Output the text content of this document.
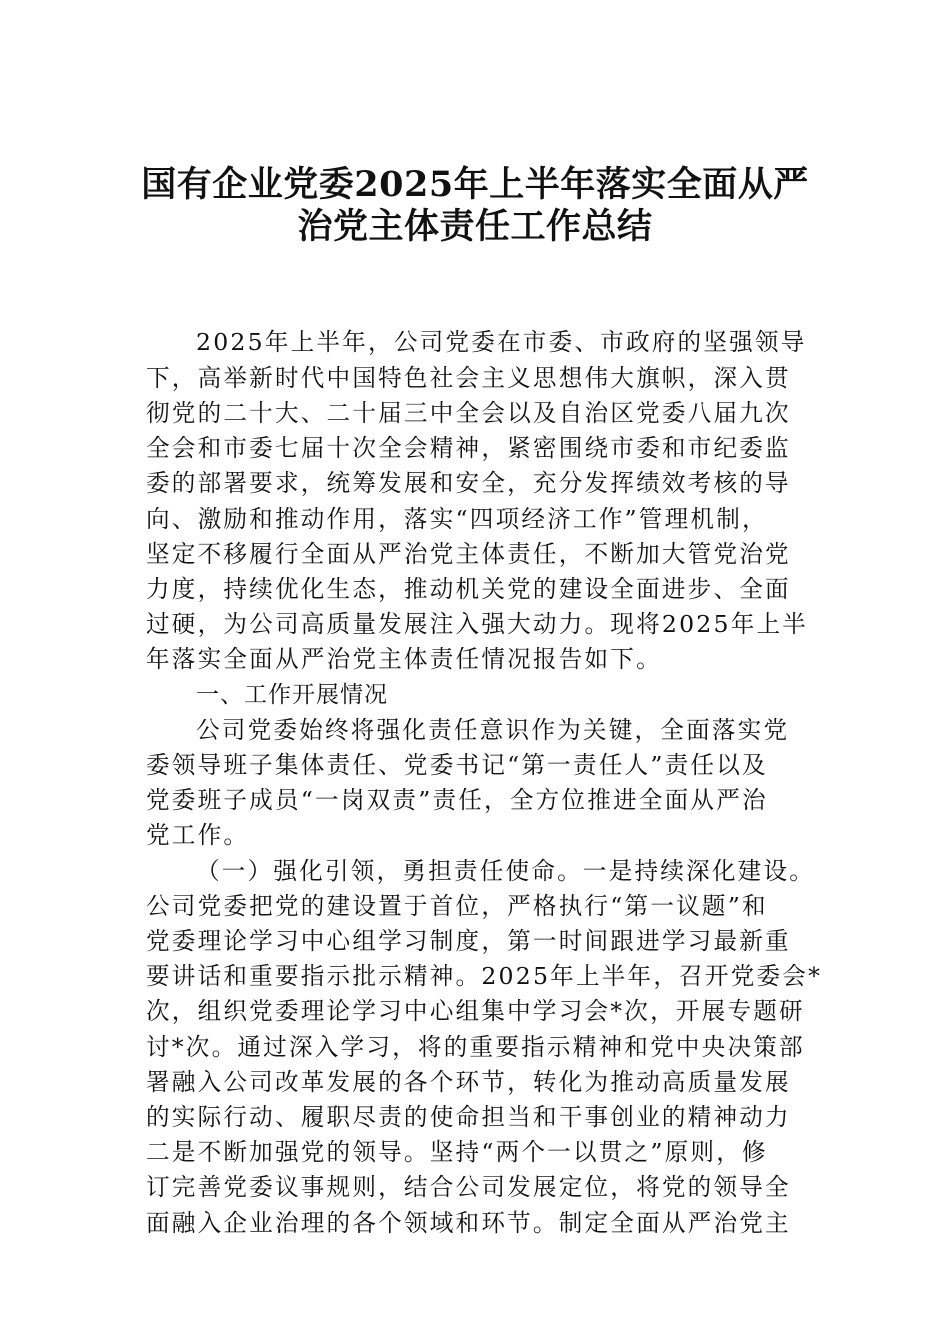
国有企业党委2025年上半年落实全面从严
治党主体责任工作总结
2025年上半年，公司党委在市委、市政府的坚强领导
下，高举新时代中国特色社会主义思想伟大旗帜，深入贯
彻党的二十大、二十届三中全会以及自治区党委八届九次
全会和市委七届十次全会精神，紧密围绕市委和市纪委监
委的部署要求，统筹发展和安全，充分发挥绩效考核的导
向、激励和推动作用，落实“四项经济工作”管理机制，
坚定不移履行全面从严治党主体责任，不断加大管党治党
力度，持续优化生态，推动机关党的建设全面进步、全面
过硬，为公司高质量发展注入强大动力。现将2025年上半
年落实全面从严治党主体责任情况报告如下。
一、工作开展情况
公司党委始终将强化责任意识作为关键，全面落实党
委领导班子集体责任、党委书记“第一责任人”责任以及
党委班子成员“一岗双责”责任，全方位推进全面从严治
党工作。
（一）强化引领，勇担责任使命。一是持续深化建设。
公司党委把党的建设置于首位，严格执行“第一议题”和
党委理论学习中心组学习制度，第一时间跟进学习最新重
要讲话和重要指示批示精神。2025年上半年，召开党委会*
次，组织党委理论学习中心组集中学习会*次，开展专题研
讨*次。通过深入学习，将的重要指示精神和党中央决策部
署融入公司改革发展的各个环节，转化为推动高质量发展
的实际行动、履职尽责的使命担当和干事创业的精神动力
二是不断加强党的领导。坚持“两个一以贯之”原则，修
订完善党委议事规则，结合公司发展定位，将党的领导全
面融入企业治理的各个领域和环节。制定全面从严治党主
